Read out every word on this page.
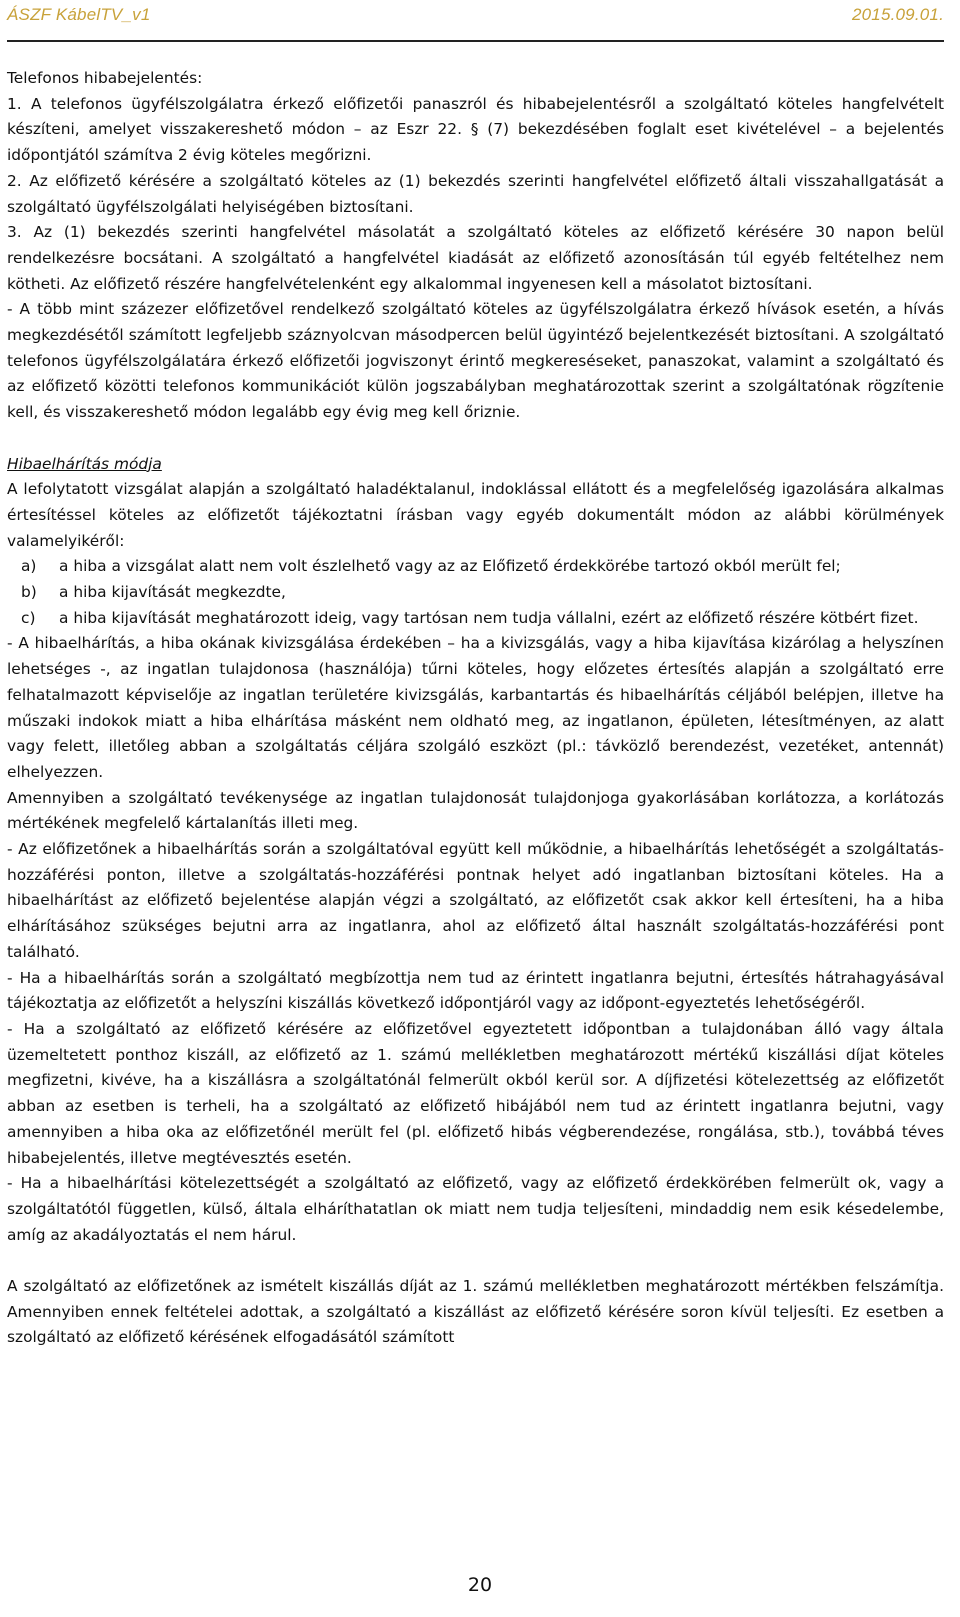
ÁSZF KábelTV_v1	2015.09.01.

Telefonos hibabejelentés:

1. A telefonos ügyfélszolgálatra érkező előfizetői panaszról és hibabejelentésről a szolgáltató köteles hangfelvételt készíteni, amelyet visszakereshető módon – az Eszr 22. § (7) bekezdésében foglalt eset kivételével – a bejelentés időpontjától számítva 2 évig köteles megőrizni.

2. Az előfizető kérésére a szolgáltató köteles az (1) bekezdés szerinti hangfelvétel előfizető általi visszahallgatását a szolgáltató ügyfélszolgálati helyiségében biztosítani.

3. Az (1) bekezdés szerinti hangfelvétel másolatát a szolgáltató köteles az előfizető kérésére 30 napon belül rendelkezésre bocsátani. A szolgáltató a hangfelvétel kiadását az előfizető azonosításán túl egyéb feltételhez nem kötheti. Az előfizető részére hangfelvételenként egy alkalommal ingyenesen kell a másolatot biztosítani.

- A több mint százezer előfizetővel rendelkező szolgáltató köteles az ügyfélszolgálatra érkező hívások esetén, a hívás megkezdésétől számított legfeljebb száznyolcvan másodpercen belül ügyintéző bejelentkezését biztosítani. A szolgáltató telefonos ügyfélszolgálatára érkező előfizetői jogviszonyt érintő megkereséseket, panaszokat, valamint a szolgáltató és az előfizető közötti telefonos kommunikációt külön jogszabályban meghatározottak szerint a szolgáltatónak rögzítenie kell, és visszakereshető módon legalább egy évig meg kell őriznie.

Hibaelhárítás módja

A lefolytatott vizsgálat alapján a szolgáltató haladéktalanul, indoklással ellátott és a megfelelőség igazolására alkalmas értesítéssel köteles az előfizetőt tájékoztatni írásban vagy egyéb dokumentált módon az alábbi körülmények valamelyikéről:

a)	a hiba a vizsgálat alatt nem volt észlelhető vagy az az Előfizető érdekkörébe tartozó okból merült fel;
b)	a hiba kijavítását megkezdte,
c)	a hiba kijavítását meghatározott ideig, vagy tartósan nem tudja vállalni, ezért az előfizető részére kötbért fizet.

- A hibaelhárítás, a hiba okának kivizsgálása érdekében – ha a kivizsgálás, vagy a hiba kijavítása kizárólag a helyszínen lehetséges -, az ingatlan tulajdonosa (használója) tűrni köteles, hogy előzetes értesítés alapján a szolgáltató erre felhatalmazott képviselője az ingatlan területére kivizsgálás, karbantartás és hibaelhárítás céljából belépjen, illetve ha műszaki indokok miatt a hiba elhárítása másként nem oldható meg, az ingatlanon, épületen, létesítményen, az alatt vagy felett, illetőleg abban a szolgáltatás céljára szolgáló eszközt (pl.: távközlő berendezést, vezetéket, antennát) elhelyezzen.

Amennyiben a szolgáltató tevékenysége az ingatlan tulajdonosát tulajdonjoga gyakorlásában korlátozza, a korlátozás mértékének megfelelő kártalanítás illeti meg.

- Az előfizetőnek a hibaelhárítás során a szolgáltatóval együtt kell működnie, a hibaelhárítás lehetőségét a szolgáltatás-hozzáférési ponton, illetve a szolgáltatás-hozzáférési pontnak helyet adó ingatlanban biztosítani köteles. Ha a hibaelhárítást az előfizető bejelentése alapján végzi a szolgáltató, az előfizetőt csak akkor kell értesíteni, ha a hiba elhárításához szükséges bejutni arra az ingatlanra, ahol az előfizető által használt szolgáltatás-hozzáférési pont található.

- Ha a hibaelhárítás során a szolgáltató megbízottja nem tud az érintett ingatlanra bejutni, értesítés hátrahagyásával tájékoztatja az előfizetőt a helyszíni kiszállás következő időpontjáról vagy az időpont-egyeztetés lehetőségéről.

- Ha a szolgáltató az előfizető kérésére az előfizetővel egyeztetett időpontban a tulajdonában álló vagy általa üzemeltetett ponthoz kiszáll, az előfizető az 1. számú mellékletben meghatározott mértékű kiszállási díjat köteles megfizetni, kivéve, ha a kiszállásra a szolgáltatónál felmerült okból kerül sor. A díjfizetési kötelezettség az előfizetőt abban az esetben is terheli, ha a szolgáltató az előfizető hibájából nem tud az érintett ingatlanra bejutni, vagy amennyiben a hiba oka az előfizetőnél merült fel (pl. előfizető hibás végberendezése, rongálása, stb.), továbbá téves hibabejelentés, illetve megtévesztés esetén.

- Ha a hibaelhárítási kötelezettségét a szolgáltató az előfizető, vagy az előfizető érdekkörében felmerült ok, vagy a szolgáltatótól független, külső, általa elháríthatatlan ok miatt nem tudja teljesíteni, mindaddig nem esik késedelembe, amíg az akadályoztatás el nem hárul.

A szolgáltató az előfizetőnek az ismételt kiszállás díját az 1. számú mellékletben meghatározott mértékben felszámítja. Amennyiben ennek feltételei adottak, a szolgáltató a kiszállást az előfizető kérésére soron kívül teljesíti. Ez esetben a szolgáltató az előfizető kérésének elfogadásától számított

20
